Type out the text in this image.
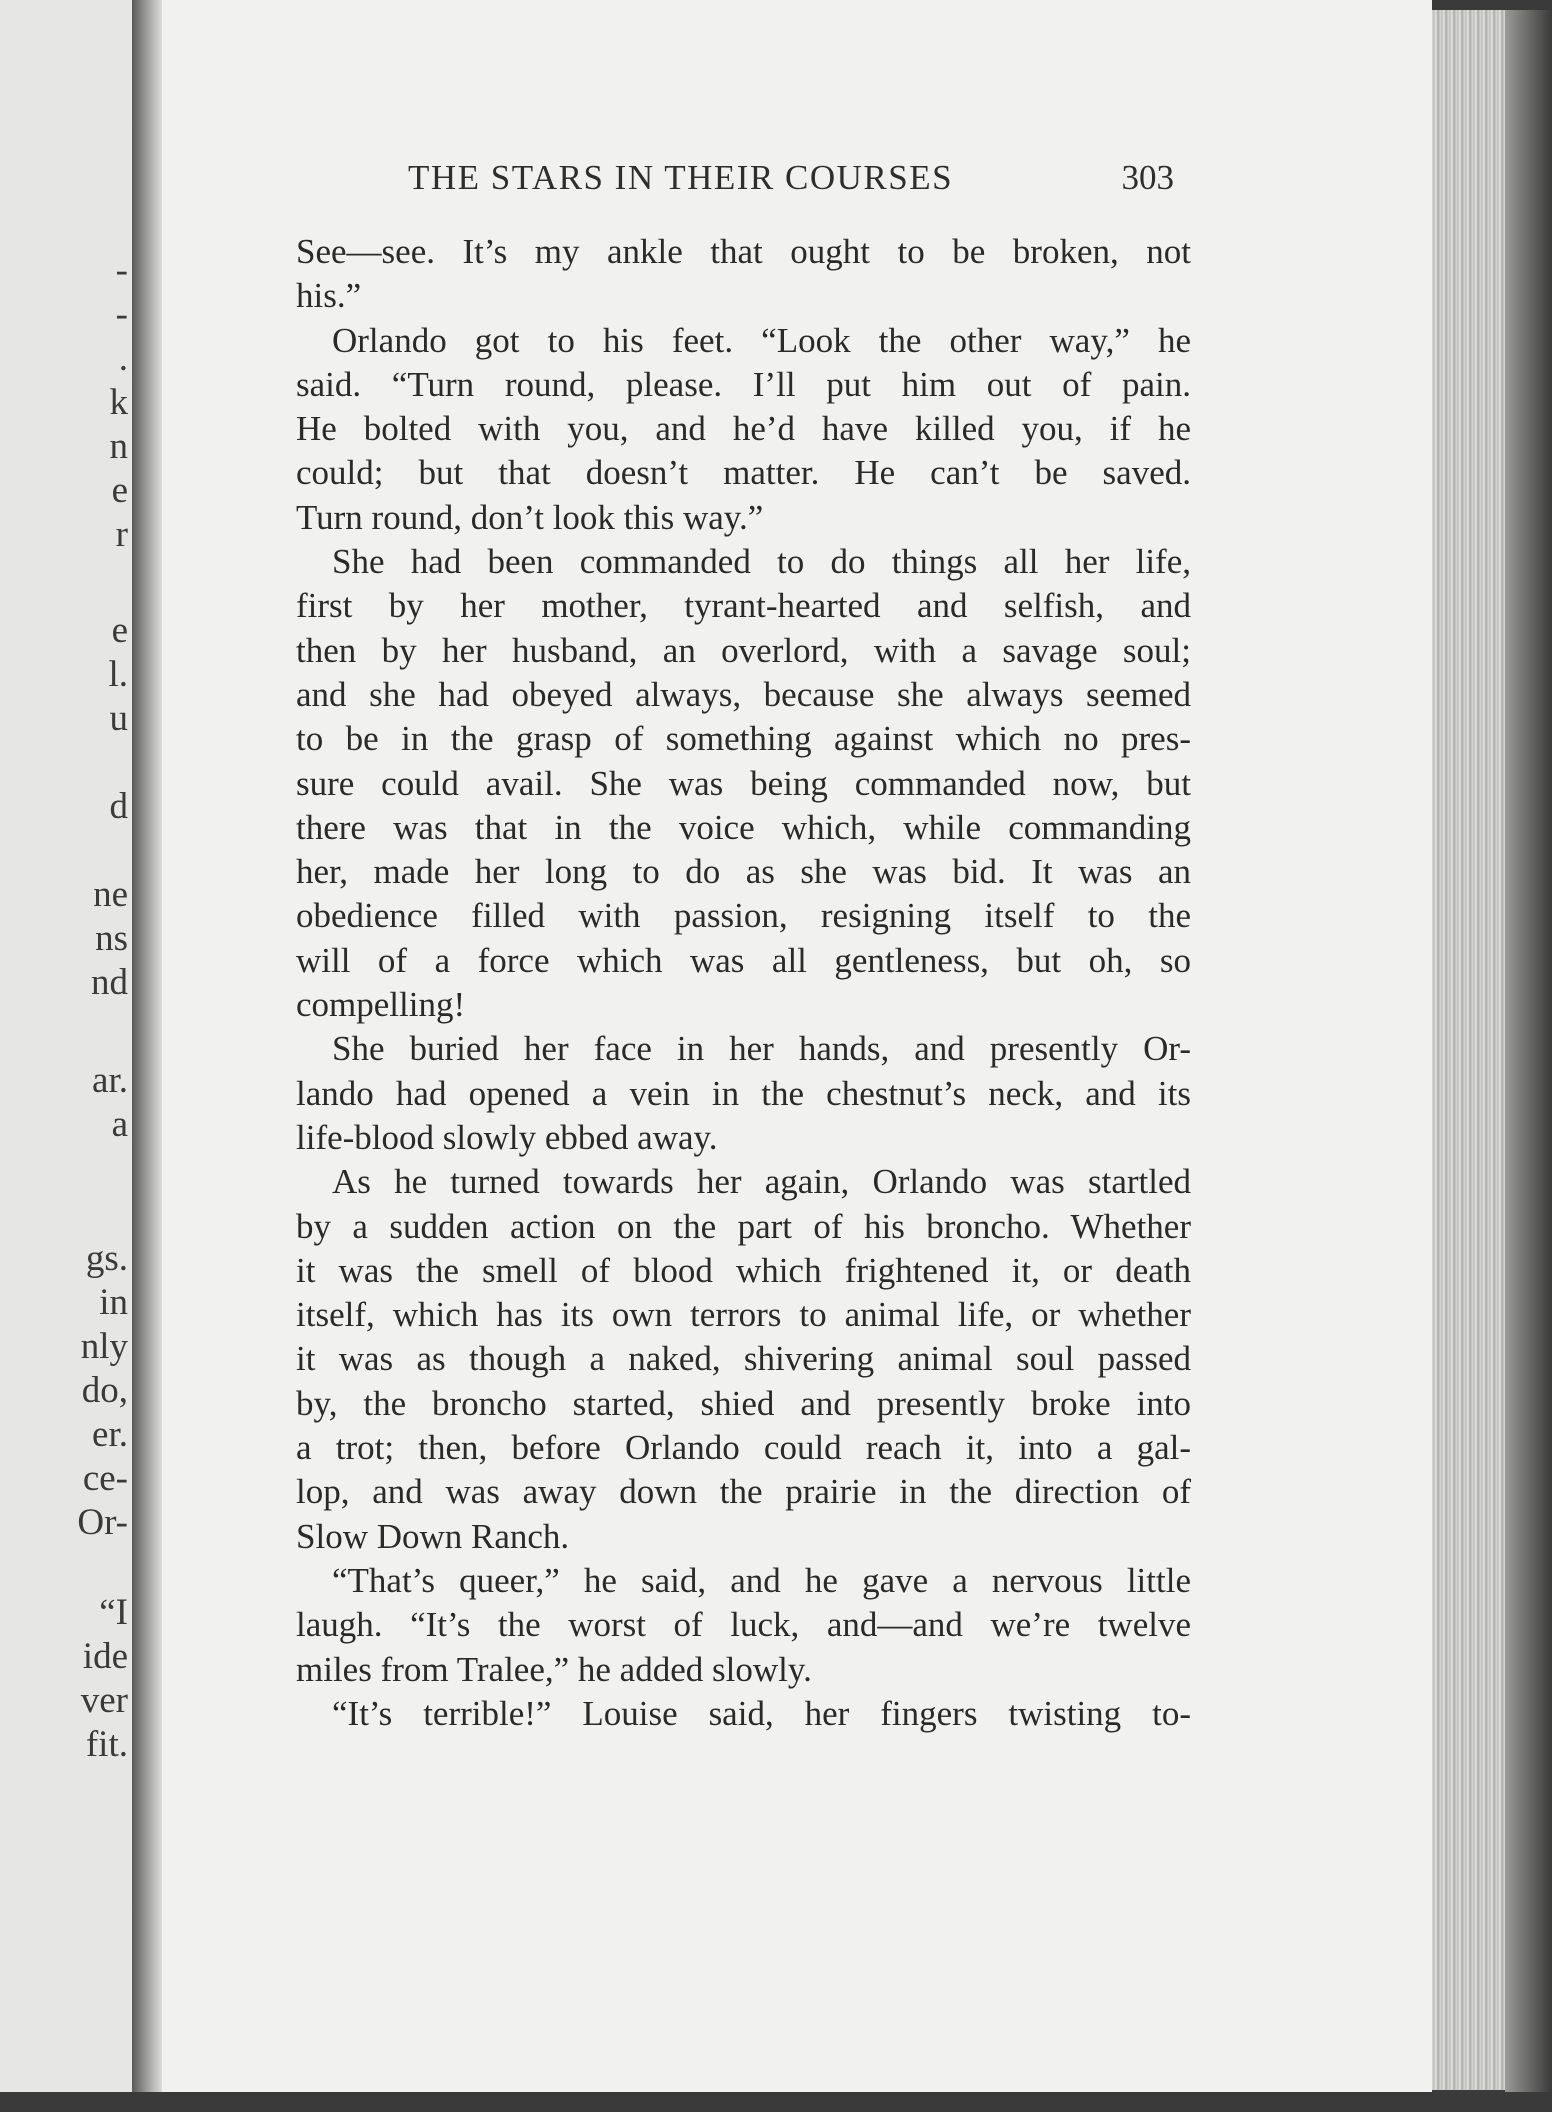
-
-
.
k
n
e
r
e
l.
u
d
ne
ns
nd
ar.
a
gs.
in
nly
do,
er.
ce-
Or-
“I
ide
ver
fit.
THE STARS IN THEIR COURSES	303
See—see. It’s my ankle that ought to be broken, not
his.”
Orlando got to his feet. “Look the other way,” he
said. “Turn round, please. I’ll put him out of pain.
He bolted with you, and he’d have killed you, if he
could; but that doesn’t matter. He can’t be saved.
Turn round, don’t look this way.”
She had been commanded to do things all her life,
first by her mother, tyrant-hearted and selfish, and
then by her husband, an overlord, with a savage soul;
and she had obeyed always, because she always seemed
to be in the grasp of something against which no pres-
sure could avail. She was being commanded now, but
there was that in the voice which, while commanding
her, made her long to do as she was bid. It was an
obedience filled with passion, resigning itself to the
will of a force which was all gentleness, but oh, so
compelling!
She buried her face in her hands, and presently Or-
lando had opened a vein in the chestnut’s neck, and its
life-blood slowly ebbed away.
As he turned towards her again, Orlando was startled
by a sudden action on the part of his broncho. Whether
it was the smell of blood which frightened it, or death
itself, which has its own terrors to animal life, or whether
it was as though a naked, shivering animal soul passed
by, the broncho started, shied and presently broke into
a trot; then, before Orlando could reach it, into a gal-
lop, and was away down the prairie in the direction of
Slow Down Ranch.
“That’s queer,” he said, and he gave a nervous little
laugh. “It’s the worst of luck, and—and we’re twelve
miles from Tralee,” he added slowly.
“It’s terrible!” Louise said, her fingers twisting to-
